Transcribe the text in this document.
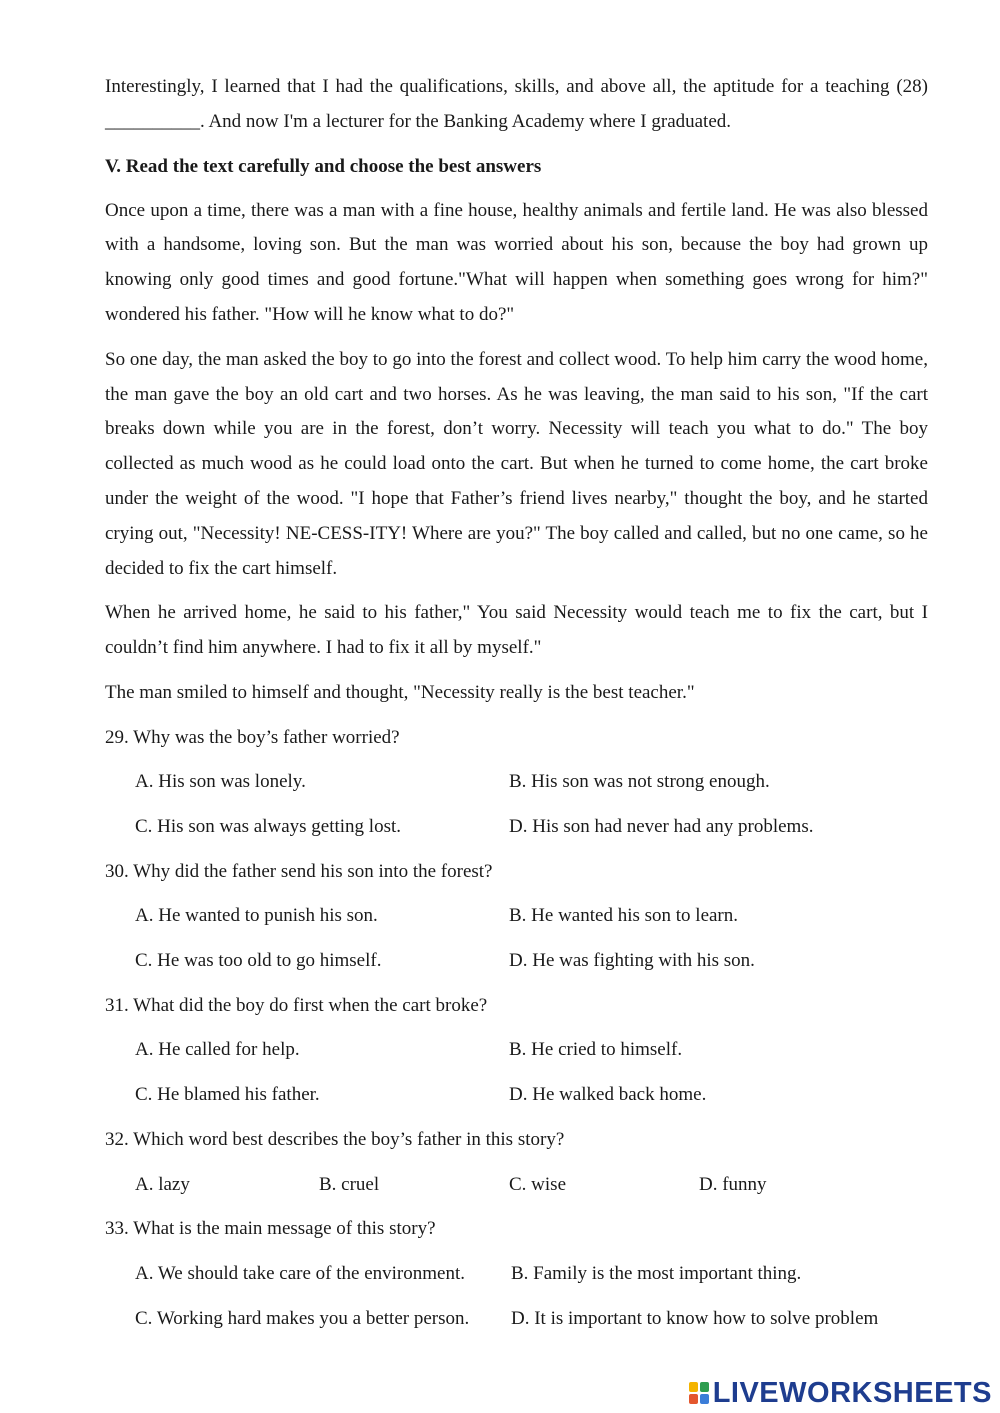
Interestingly, I learned that I had the qualifications, skills, and above all, the aptitude for a teaching (28) __________. And now I'm a lecturer for the Banking Academy where I graduated.

V. Read the text carefully and choose the best answers

Once upon a time, there was a man with a fine house, healthy animals and fertile land. He was also blessed with a handsome, loving son. But the man was worried about his son, because the boy had grown up knowing only good times and good fortune."What will happen when something goes wrong for him?" wondered his father. "How will he know what to do?"

So one day, the man asked the boy to go into the forest and collect wood. To help him carry the wood home, the man gave the boy an old cart and two horses. As he was leaving, the man said to his son, "If the cart breaks down while you are in the forest, don’t worry. Necessity will teach you what to do." The boy collected as much wood as he could load onto the cart. But when he turned to come home, the cart broke under the weight of the wood. "I hope that Father’s friend lives nearby," thought the boy, and he started crying out, "Necessity! NE-CESS-ITY! Where are you?" The boy called and called, but no one came, so he decided to fix the cart himself.

When he arrived home, he said to his father," You said Necessity would teach me to fix the cart, but I couldn’t find him anywhere. I had to fix it all by myself."

The man smiled to himself and thought, "Necessity really is the best teacher."

29. Why was the boy’s father worried?
A. His son was lonely.	B. His son was not strong enough.
C. His son was always getting lost.	D. His son had never had any problems.
30. Why did the father send his son into the forest?
A. He wanted to punish his son.	B. He wanted his son to learn.
C. He was too old to go himself.	D. He was fighting with his son.
31. What did the boy do first when the cart broke?
A. He called for help.	B. He cried to himself.
C. He blamed his father.	D. He walked back home.
32. Which word best describes the boy’s father in this story?
A. lazy	B. cruel	C. wise	D. funny
33. What is the main message of this story?
A. We should take care of the environment. B. Family is the most important thing.
C. Working hard makes you a better person. D. It is important to know how to solve problem
LIVEWORKSHEETS
